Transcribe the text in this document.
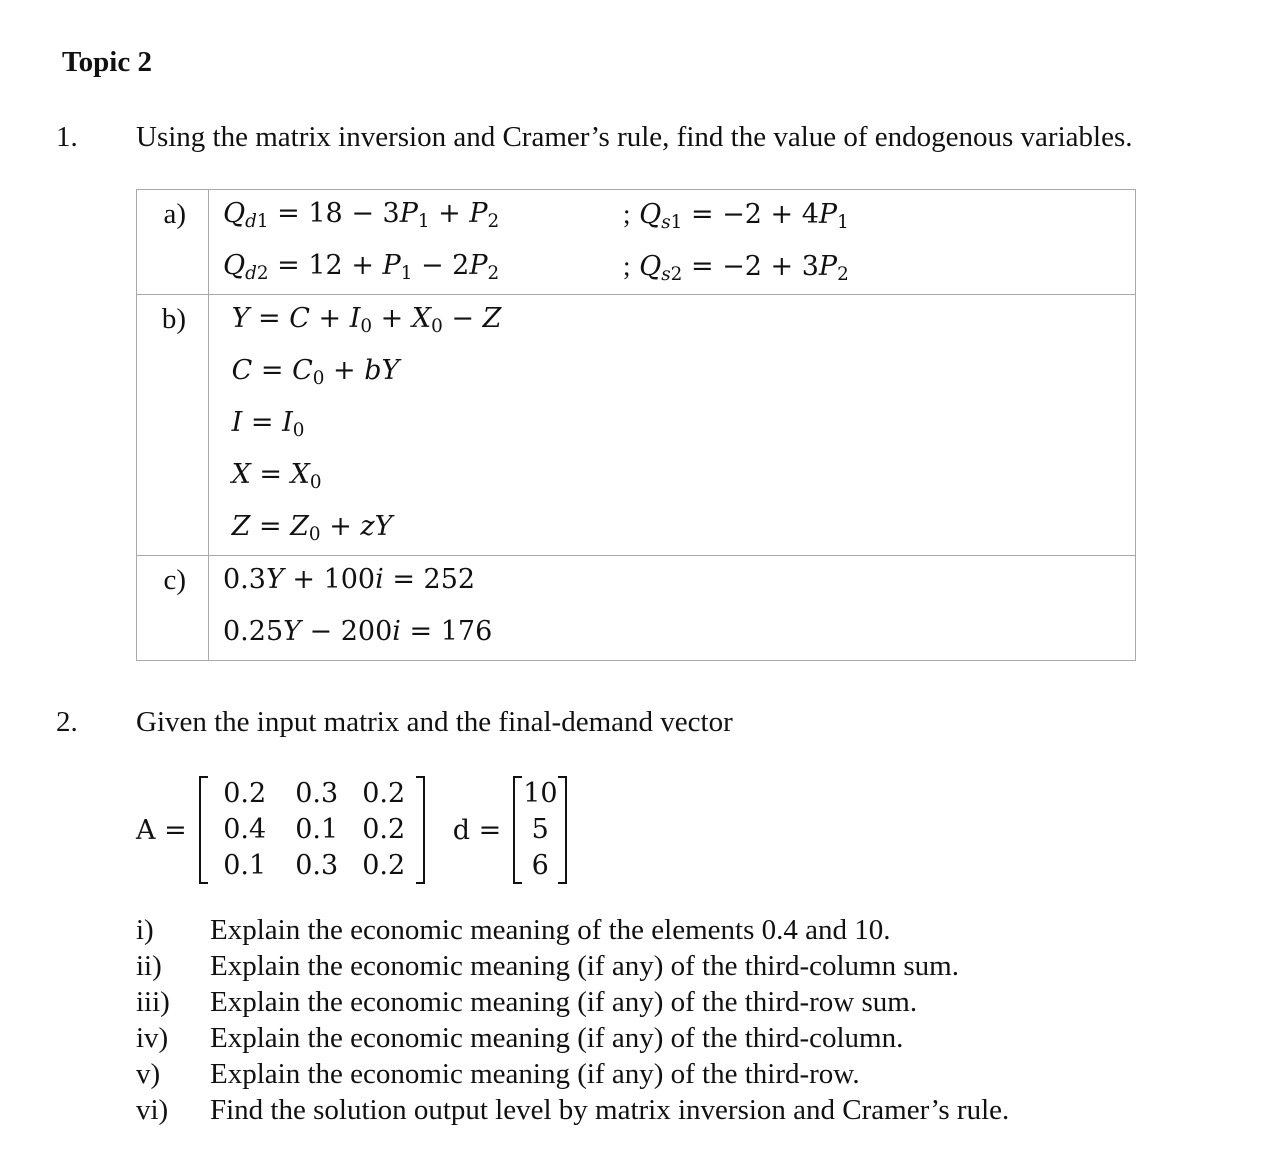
Topic 2
1. Using the matrix inversion and Cramer’s rule, find the value of endogenous variables.
a)	$Q_{d1} = 18 - 3P_1 + P_2$ ; $Q_{s1} = -2 + 4P_1$
$Q_{d2} = 12 + P_1 - 2P_2$ ; $Q_{s2} = -2 + 3P_2$

b)	$Y = C + I_0 + X_0 - Z$
$C = C_0$ + bY
$I = I_0$
$X = X_0$
$Z = Z_0$ + zY

c)	0.3Y + 100i = 252
0.25Y − 200i = 176
2. Given the input matrix and the final-demand vector
A =
0.2	0.3 0.2
0.4	0.1 0.2
0.1	0.3 0.2
d =
10
5
6
i)	Explain the economic meaning of the elements 0.4 and 10.
ii)	Explain the economic meaning (if any) of the third-column sum.
iii)	Explain the economic meaning (if any) of the third-row sum.
iv)	Explain the economic meaning (if any) of the third-column.
v)	Explain the economic meaning (if any) of the third-row.
vi)	Find the solution output level by matrix inversion and Cramer’s rule.
